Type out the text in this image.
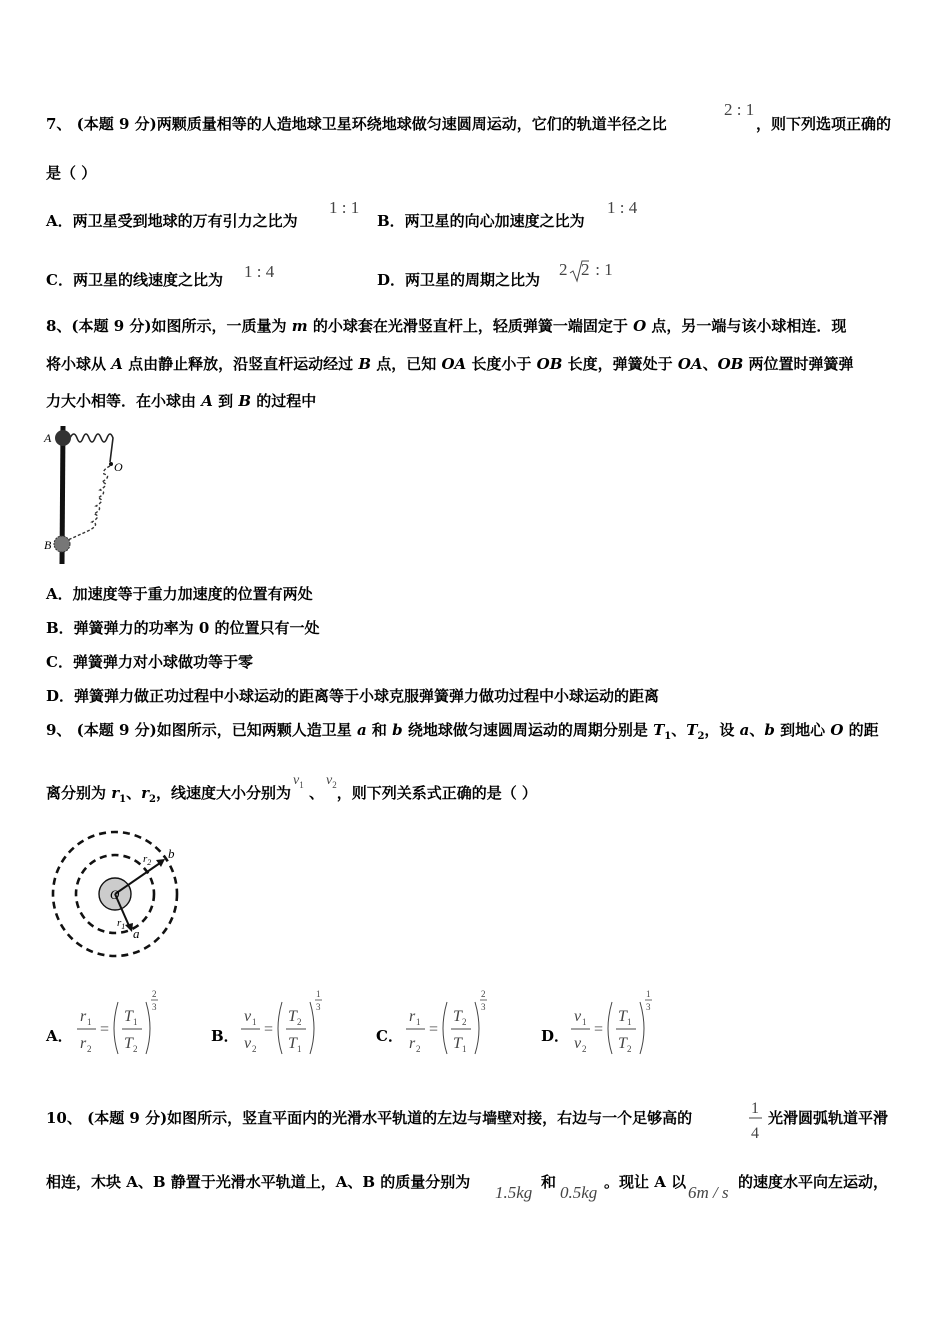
7、 (本题 9 分)两颗质量相等的人造地球卫星环绕地球做匀速圆周运动，它们的轨道半径之比
2 : 1
，则下列选项正确的
是（ ）
A．两卫星受到地球的万有引力之比为
1 : 1
B．两卫星的向心加速度之比为
1 : 4
C．两卫星的线速度之比为 1 : 4	D．两卫星的周期之比为
2 2 : 1
8、(本题 9 分)如图所示，一质量为 m 的小球套在光滑竖直杆上，轻质弹簧一端固定于 O 点，另一端与该小球相连．现
将小球从 A 点由静止释放，沿竖直杆运动经过 B 点，已知 OA 长度小于 OB 长度，弹簧处于 OA、OB 两位置时弹簧弹
力大小相等．在小球由 A 到 B 的过程中
A
B
O
A．加速度等于重力加速度的位置有两处
B．弹簧弹力的功率为 0 的位置只有一处
C．弹簧弹力对小球做功等于零
D．弹簧弹力做正功过程中小球运动的距离等于小球克服弹簧弹力做功过程中小球运动的距离
9、 (本题 9 分)如图所示，已知两颗人造卫星 a 和 b 绕地球做匀速圆周运动的周期分别是 $T_1$、$T_2$，设 a、b 到地心 O 的距
离分别为 $r_1$、$r_2$，线速度大小分别为$v_1$ 、$v_2$，则下列关系式正确的是（ ）
O
$r_1$
$r_2$
a
b
A．
r 1
r 2
=
T 1
T 2
2
3
B．
v 1
v 2
=
T 2
T 1
1
3
C．
r 1
r 2
=
T 2
T 1
2
3
D．
v 1
v 2
=
T 1
T 2
1
3
10、 (本题 9 分)如图所示，竖直平面内的光滑水平轨道的左边与墙壁对接，右边与一个足够高的
1
4
光滑圆弧轨道平滑
相连，木块 A、B 静置于光滑水平轨道上，A、B 的质量分别为
1.5kg
和
0.5kg
。现让 A 以
6m / s
的速度水平向左运动，
